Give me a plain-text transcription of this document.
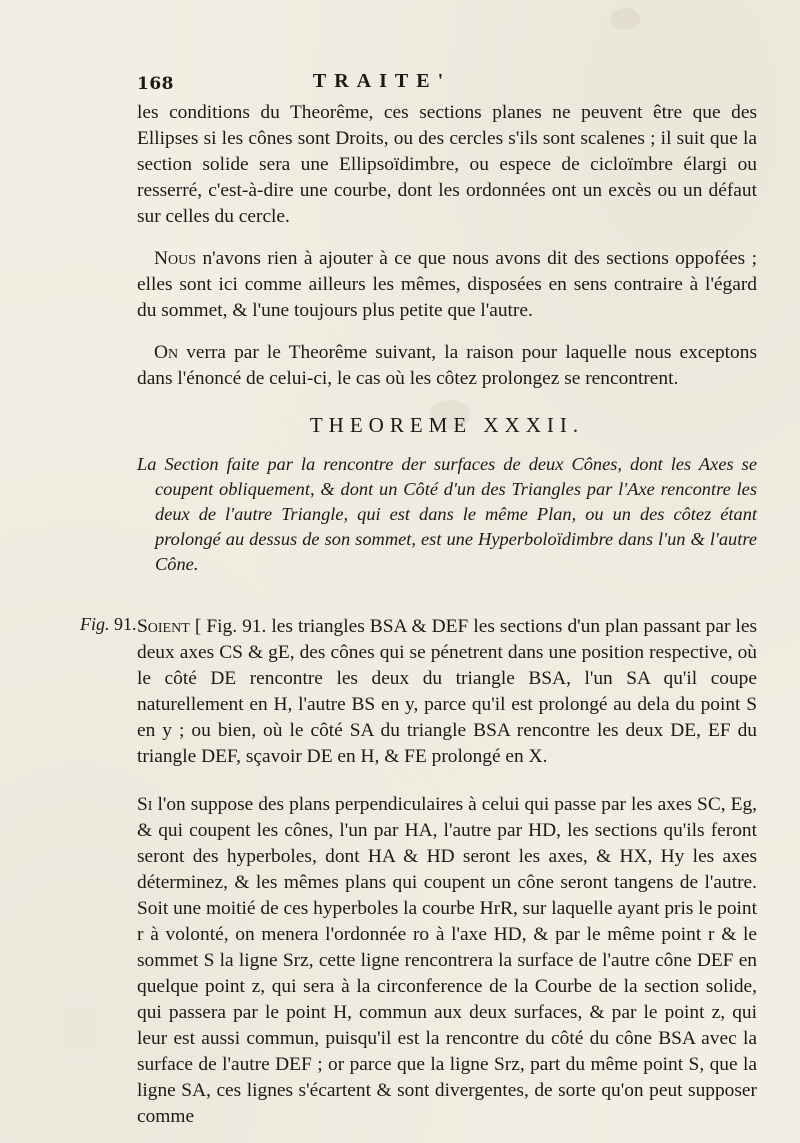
168	TRAITE'

les conditions du Theorême, ces sections planes ne peuvent être que des Ellipses si les cônes sont Droits, ou des cercles s'ils sont scalenes ; il suit que la section solide sera une Ellipsoïdimbre, ou espece de cicloïmbre élargi ou resserré, c'est-à-dire une courbe, dont les ordonnées ont un excès ou un défaut sur celles du cercle.

Nous n'avons rien à ajouter à ce que nous avons dit des sections oppofées ; elles sont ici comme ailleurs les mêmes, disposées en sens contraire à l'égard du sommet, & l'une toujours plus petite que l'autre.

On verra par le Theorême suivant, la raison pour laquelle nous exceptons dans l'énoncé de celui-ci, le cas où les côtez prolongez se rencontrent.

THEOREME XXXII.

La Section faite par la rencontre der surfaces de deux Cônes, dont les Axes se coupent obliquement, & dont un Côté d'un des Triangles par l'Axe rencontre les deux de l'autre Triangle, qui est dans le même Plan, ou un des côtez étant prolongé au dessus de son sommet, est une Hyperboloïdimbre dans l'un & l'autre Cône.

Fig. 91. Soient [ Fig. 91. les triangles BSA & DEF les sections d'un plan passant par les deux axes CS & gE, des cônes qui se pénetrent dans une position respective, où le côté DE rencontre les deux du triangle BSA, l'un SA qu'il coupe naturellement en H, l'autre BS en y, parce qu'il est prolongé au dela du point S en y ; ou bien, où le côté SA du triangle BSA rencontre les deux DE, EF du triangle DEF, sçavoir DE en H, & FE prolongé en X.

Si l'on suppose des plans perpendiculaires à celui qui passe par les axes SC, Eg, & qui coupent les cônes, l'un par HA, l'autre par HD, les sections qu'ils feront seront des hyperboles, dont HA & HD seront les axes, & HX, Hy les axes déterminez, & les mêmes plans qui coupent un cône seront tangens de l'autre. Soit une moitié de ces hyperboles la courbe HrR, sur laquelle ayant pris le point r à volonté, on menera l'ordonnée ro à l'axe HD, & par le même point r & le sommet S la ligne Srz, cette ligne rencontrera la surface de l'autre cône DEF en quelque point z, qui sera à la circonference de la Courbe de la section solide, qui passera par le point H, commun aux deux surfaces, & par le point z, qui leur est aussi commun, puisqu'il est la rencontre du côté du cône BSA avec la surface de l'autre DEF ; or parce que la ligne Srz, part du même point S, que la ligne SA, ces lignes s'écartent & sont divergentes, de sorte qu'on peut supposer comme
